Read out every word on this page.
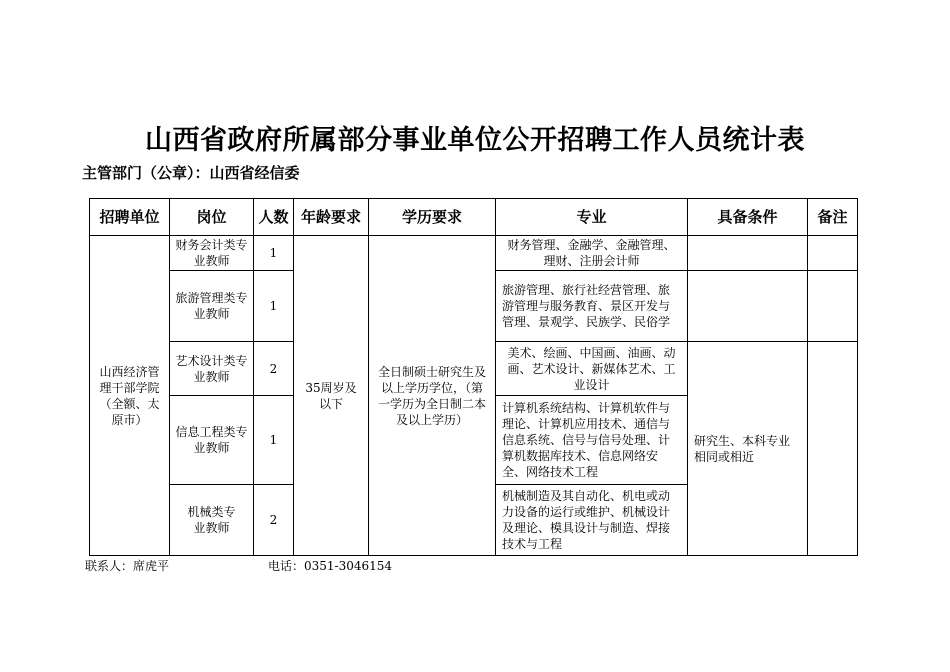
山西省政府所属部分事业单位公开招聘工作人员统计表
主管部门（公章）：山西省经信委
招聘单位	岗位	人数	年龄要求	学历要求	专业	具备条件	备注
山西经济管理干部学院（全额、太原市）	财务会计类专业教师	1	35周岁及以下	全日制硕士研究生及以上学历学位，（第一学历为全日制二本及以上学历）	财务管理、金融学、金融管理、理财、注册会计师		
	旅游管理类专业教师	1			旅游管理、旅行社经营管理、旅游管理与服务教育、景区开发与管理、景观学、民族学、民俗学		
	艺术设计类专业教师	2			美术、绘画、中国画、油画、动画、艺术设计、新媒体艺术、工业设计	研究生、本科专业相同或相近	
	信息工程类专业教师	1			计算机系统结构、计算机软件与理论、计算机应用技术、通信与信息系统、信号与信号处理、计算机数据库技术、信息网络安全、网络技术工程		
	机械类专业教师	2			机械制造及其自动化、机电或动力设备的运行或维护、机械设计及理论、模具设计与制造、焊接技术与工程		
联系人：席虎平	电话：0351-3046154
